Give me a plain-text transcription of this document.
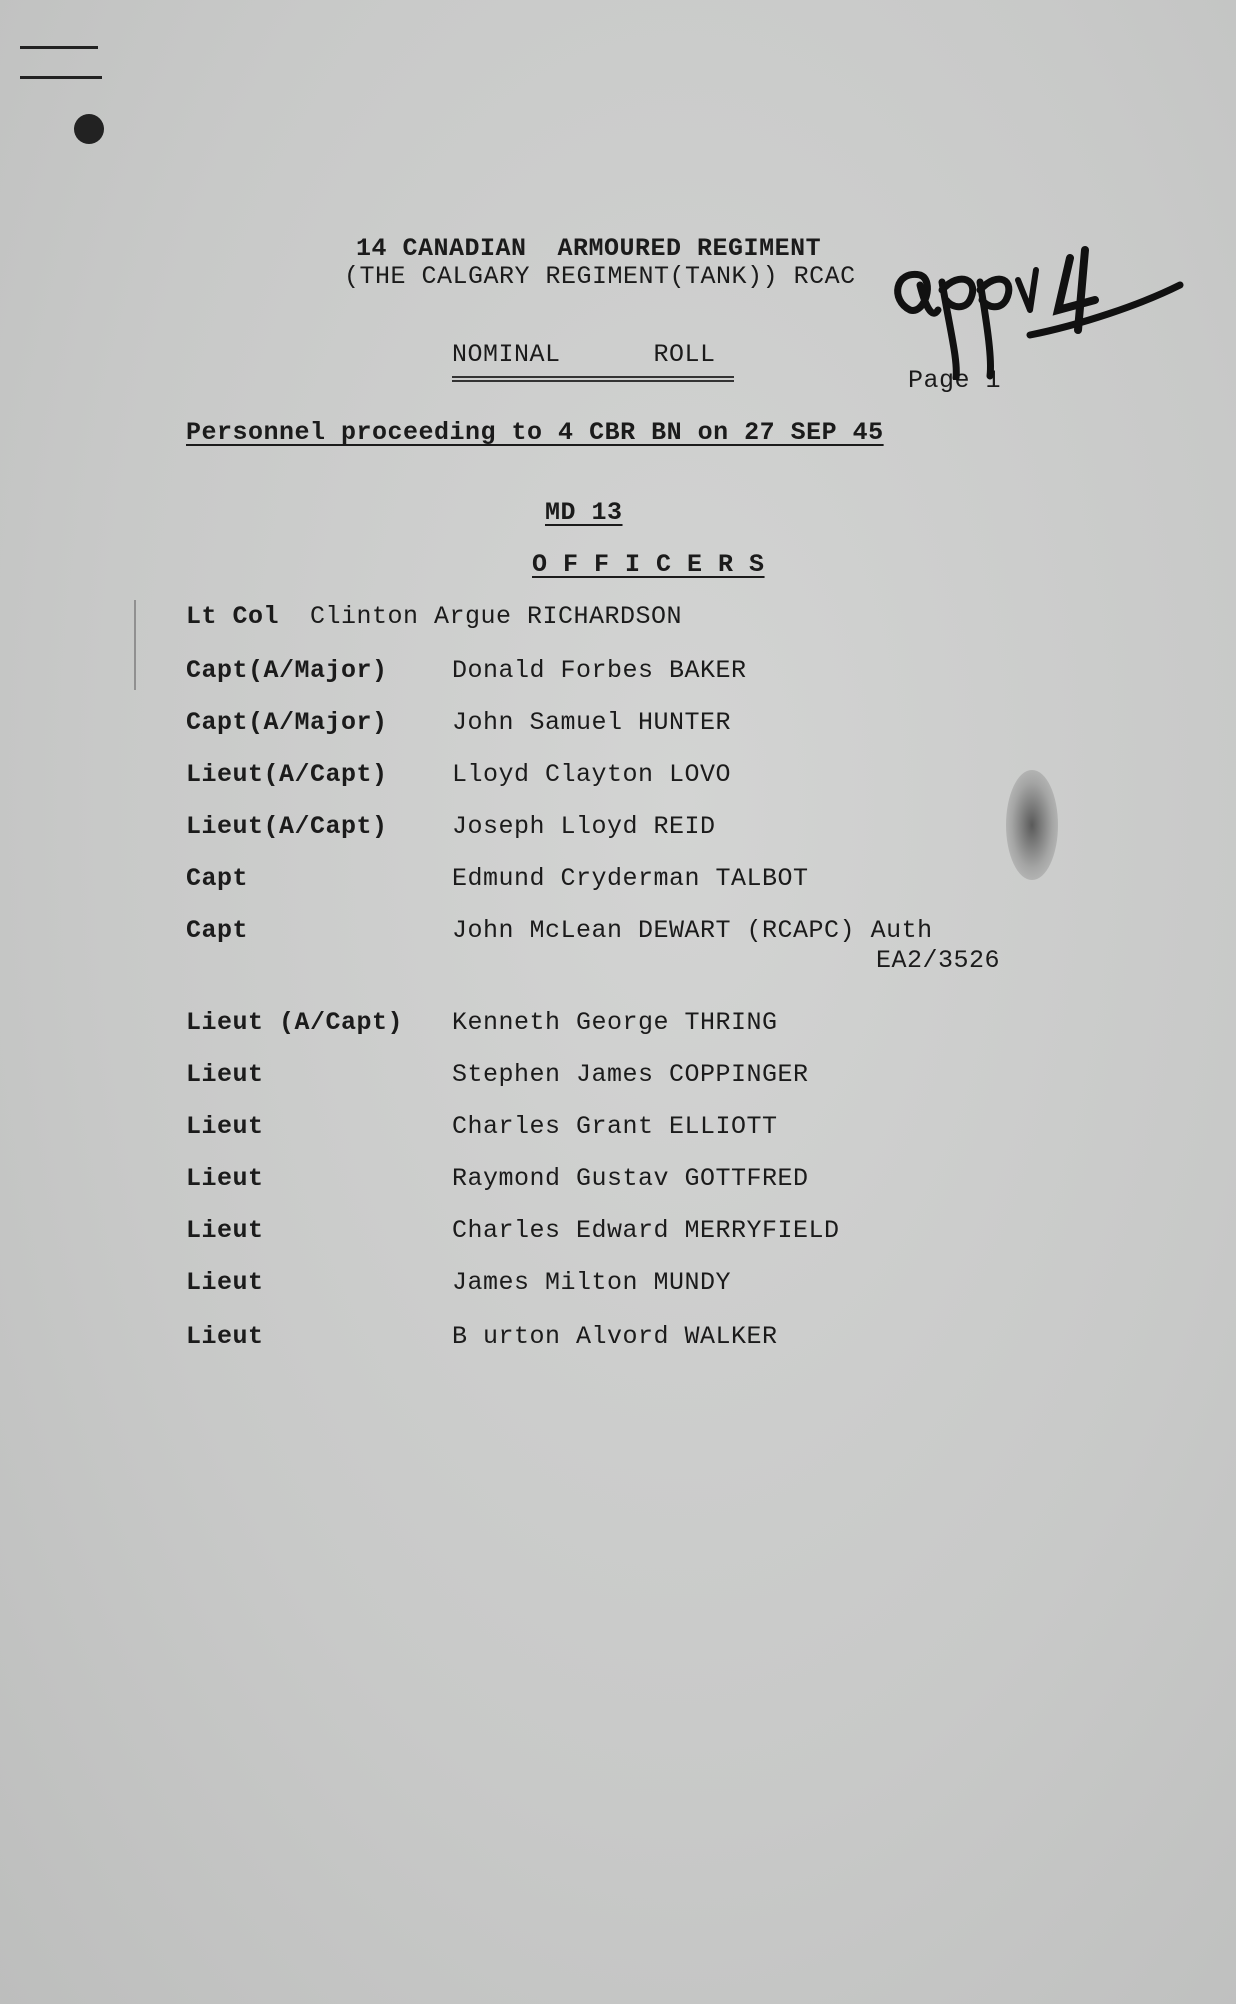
14 CANADIAN  ARMOURED REGIMENT
(THE CALGARY REGIMENT(TANK)) RCAC
NOMINAL      ROLL
Page 1
app 4
Personnel proceeding to 4 CBR BN on 27 SEP 45
MD 13
O F F I C E R S
Lt Col Clinton Argue RICHARDSON
Capt(A/Major)	Donald Forbes BAKER
Capt(A/Major)	John Samuel HUNTER
Lieut(A/Capt)	Lloyd Clayton LOVO
Lieut(A/Capt)	Joseph Lloyd REID
Capt	Edmund Cryderman TALBOT
Capt	John McLean DEWART (RCAPC) Auth
EA2/3526
Lieut (A/Capt) Kenneth George THRING
Lieut	Stephen James COPPINGER
Lieut	Charles Grant ELLIOTT
Lieut	Raymond Gustav GOTTFRED
Lieut	Charles Edward MERRYFIELD
Lieut	James Milton MUNDY
Lieut	B urton Alvord WALKER
